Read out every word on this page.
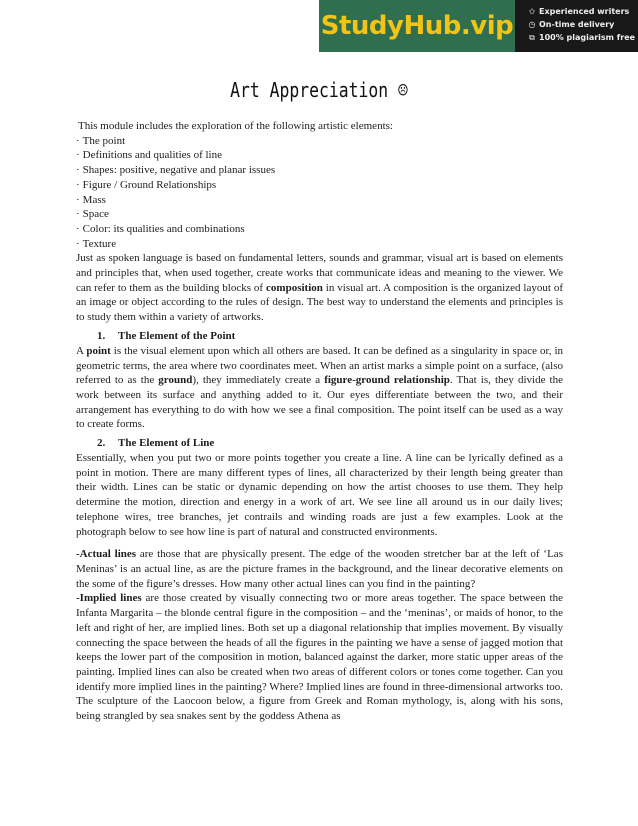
StudyHub.vip ✩ Experienced writers
◷ On-time delivery
⧉ 100% plagiarism free
Art Appreciation ☹

This module includes the exploration of the following artistic elements:

· The point
· Definitions and qualities of line
· Shapes: positive, negative and planar issues
· Figure / Ground Relationships
· Mass
· Space
· Color: its qualities and combinations
· Texture

Just as spoken language is based on fundamental letters, sounds and grammar, visual art is based on elements and principles that, when used together, create works that communicate ideas and meaning to the viewer. We can refer to them as the building blocks of composition in visual art. A composition is the organized layout of an image or object according to the rules of design. The best way to understand the elements and principles is to study them within a variety of artworks.

1. The Element of the Point

A point is the visual element upon which all others are based. It can be defined as a singularity in space or, in geometric terms, the area where two coordinates meet. When an artist marks a simple point on a surface, (also referred to as the ground), they immediately create a figure-ground relationship. That is, they divide the work between its surface and anything added to it. Our eyes differentiate between the two, and their arrangement has everything to do with how we see a final composition. The point itself can be used as a way to create forms.

2. The Element of Line

Essentially, when you put two or more points together you create a line. A line can be lyrically defined as a point in motion. There are many different types of lines, all characterized by their length being greater than their width. Lines can be static or dynamic depending on how the artist chooses to use them. They help determine the motion, direction and energy in a work of art. We see line all around us in our daily lives; telephone wires, tree branches, jet contrails and winding roads are just a few examples. Look at the photograph below to see how line is part of natural and constructed environments.

-Actual lines are those that are physically present. The edge of the wooden stretcher bar at the left of ‘Las Meninas’ is an actual line, as are the picture frames in the background, and the linear decorative elements on the some of the figure’s dresses. How many other actual lines can you find in the painting?

-Implied lines are those created by visually connecting two or more areas together. The space between the Infanta Margarita – the blonde central figure in the composition – and the ‘meninas’, or maids of honor, to the left and right of her, are implied lines. Both set up a diagonal relationship that implies movement. By visually connecting the space between the heads of all the figures in the painting we have a sense of jagged motion that keeps the lower part of the composition in motion, balanced against the darker, more static upper areas of the painting. Implied lines can also be created when two areas of different colors or tones come together. Can you identify more implied lines in the painting? Where? Implied lines are found in three-dimensional artworks too. The sculpture of the Laocoon below, a figure from Greek and Roman mythology, is, along with his sons, being strangled by sea snakes sent by the goddess Athena as
